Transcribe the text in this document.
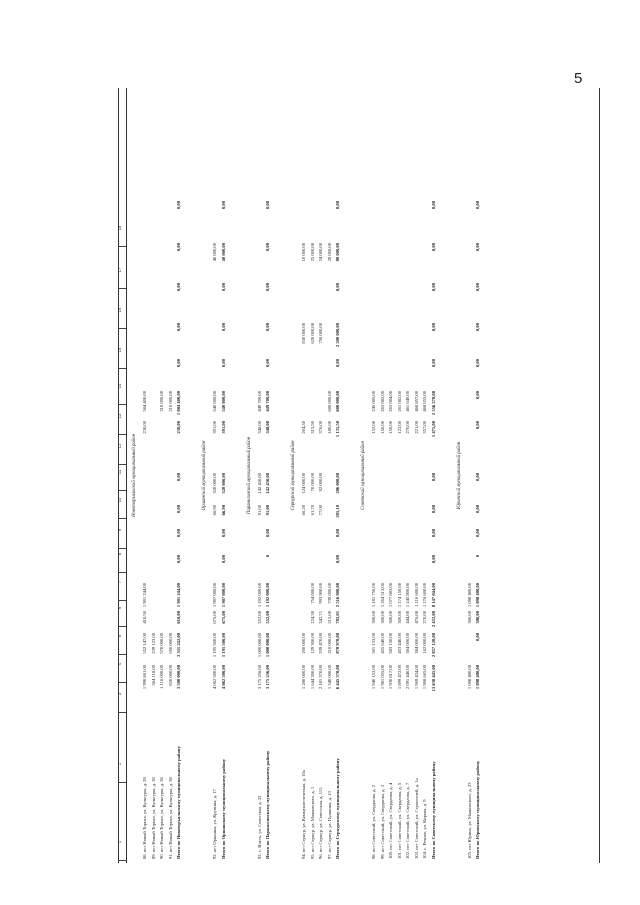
5
1
2
3
4
5
6
7
8
9
10
11
12
13
14
15
16
17
18
Новоторъяльский муниципальный район
88. пгт Новый Торъял, ул. Культуры, д. 28
1 990 861,00
552 147,00
410,50
1 901 244,00
230,00
584 400,00
89. пгт Новый Торъял, ул. Культуры, д. 30
564 118,00
239 123,00
90. пгт Новый Торъял, ул. Культуры, д. 36
1 116 000,00
570 000,00
310 000,00
91. пгт Новый Торъял, ул. Культуры, д. 38
820 000,00
650 000,00
210 000,00
Итого по Новоторъяльскому муниципальному району
3 500 000,00
2 511 242,00
610,00
1 901 244,00
0,00
0,00
0,00
0,00
230,00
1 084 400,00
0,00
0,00
0,00
0,00
0,00
Оршанский муниципальный район
92. пгт Оршанка, ул. Крупина, д. 17
4 062 500,00
1 195 500,00
675,00
1 907 000,00
66,90
320 000,00
391,00
540 000,00
40 000,00
Итого по Оршанскому муниципальному району
4 062 500,00
1 195 500,00
675,00
1 907 000,00
0,00
0,00
66,90
320 000,00
391,00
540 000,00
0,00
0,00
0,00
40 000,00
0,00
Параньгинский муниципальный район
93. с. Илеть, ул. Советская, д. 22
3 175 256,00
1 000 000,00
552,00
1 192 000,00
91,00
142 450,00
348,00
449 700,00
Итого по Параньгинскому муниципальному району
3 175 256,00
1 000 000,00
552,00
1 192 000,00
0
0,00
91,00
142 450,00
348,00
449 700,00
0,00
0,00
0,00
0,00
0,00
Сернурский муниципальный район
94. пгт Сернур, ул. Коммунистическая, д. 10а
1 280 000,00
200 000,00
66,20
124 000,00
264,30
830 000,00
10 000,00
95. пгт Сернур, ул. Маяковского, д. 1
1 644 300,00
129 300,00
224,30
754 000,00
61,70
70 000,00
315,50
620 000,00
25 000,00
96. пгт Сернур, ул. Советская, д. 115
2 181 370,00
339 470,00
342,71
993 900,00
77,00
92 000,00
376,00
750 000,00
24 000,00
97. пгт Сернур, ул. Пушкина, д. 13
1 340 000,00
210 000,00
215,00
739 000,00
180,00
600 000,00
28 000,00
Итого по Сернурскому муниципальному району
6 445 370,00
878 970,00
782,01
2 516 900,00
0,00
0,00
205,10
286 000,00
1 135,50
600 000,00
0,00
2 200 000,00
0,00
80 000,00
0,00
Советский муниципальный район
98. пгт Советский, ул. Свердлова, д. 2
1 940 152,00
501 133,00
300,00
1 181 750,00
152,00
245 085,00
99. пгт Советский, ул. Свердлова, д. 3
1 981 055,00
455 640,00
300,00
1 264 513,00
150,00
263 082,00
100. пгт Советский, ул. Свердлова, д. 4
1 930 817,00
583 150,00
300,00
1 077 883,00
150,00
263 084,00
101. пгт Советский, ул. Свердлова, д. 5
1 899 472,00
453 440,00
300,00
1 174 150,00
122,00
261 082,00
102. пгт Советский, ул. Свердлова, д. 7
2 091 440,00
384 000,00
444,00
1 245 800,00
270,00
461 640,00
103. пгт Советский, ул. Строителей, д. 1а
1 969 434,00
384 000,00
476,00
1 116 600,00
221,00
468 857,00
104. с. Речное, ул. Кирова, д. 9
1 908 665,00
162 000,00
270,00
1 176 600,00
357,00
468 055,00
Итого по Советскому муниципальному району
13 630 445,00
2 857 120,00
2 432,00
8 147 044,00
0,00
0,00
0,00
0,00
1 475,00
2 556 278,00
0,00
0,00
0,00
0,00
0,00
Юринский муниципальный район
105. пгт Юрино, ул. Маяковского, д. 23
1 098 480,00
386,00
1 098 480,00
Итого по Юринскому муниципальному району
1 098 480,00
0,00
386,00
1 098 480,00
0
0,00
0,00
0,00
0,00
0,00
0,00
0,00
0,00
0,00
0,00
